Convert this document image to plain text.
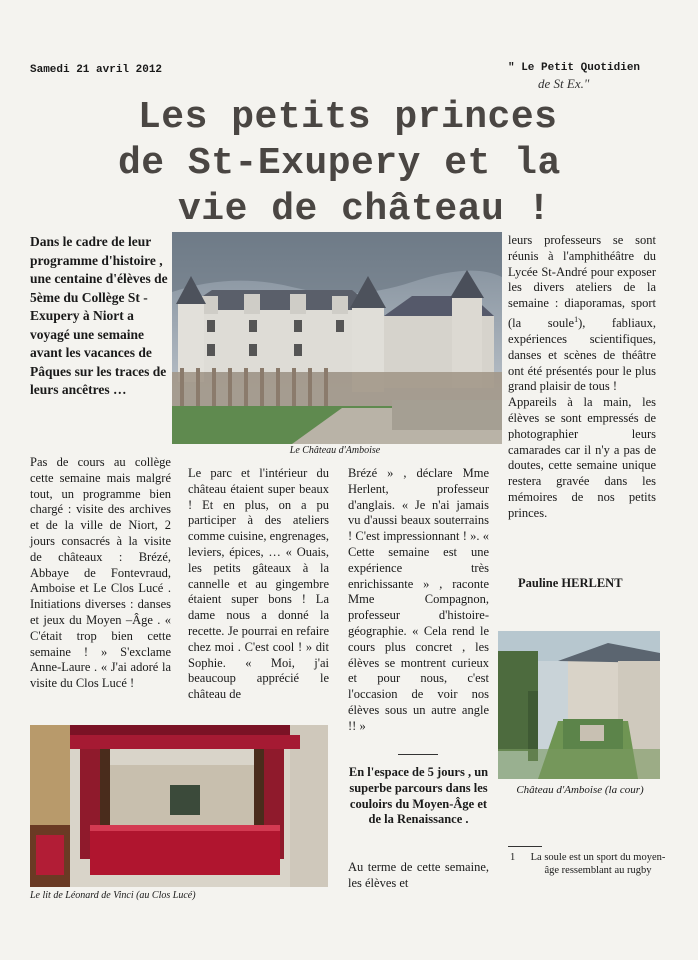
Samedi 21 avril 2012	" Le Petit Quotidien
de St Ex."
Les petits princes
de St-Exupery et la
vie de château !
Dans le cadre de leur programme d'histoire , une centaine d'élèves de 5ème du Collège St -Exupery à Niort a voyagé une semaine avant les vacances de Pâques sur les traces de leurs ancêtres …
Le Château d'Amboise

Pas de cours au collège cette semaine mais malgré tout, un programme bien chargé : visite des archives et de la ville de Niort, 2 jours consacrés à la visite de châteaux : Brézé, Abbaye de Fontevraud, Amboise et Le Clos Lucé . Initiations diverses : danses et jeux du Moyen –Âge . « C'était trop bien cette semaine ! » S'exclame Anne-Laure . « J'ai adoré la visite du Clos Lucé !

Le parc et l'intérieur du château étaient super beaux ! Et en plus, on a pu participer à des ateliers comme cuisine, engrenages, leviers, épices, … « Ouais, les petits gâteaux à la cannelle et au gingembre étaient super bons ! La dame nous a donné la recette. Je pourrai en refaire chez moi . C'est cool ! » dit Sophie. « Moi, j'ai beaucoup apprécié le château de

Brézé » , déclare Mme Herlent, professeur d'anglais. « Je n'ai jamais vu d'aussi beaux souterrains ! C'est impressionnant ! ». « Cette semaine est une expérience très enrichissante » , raconte Mme Compagnon, professeur d'histoire-géographie. « Cela rend le cours plus concret , les élèves se montrent curieux et pour nous, c'est l'occasion de voir nos élèves sous un autre angle !! »

En l'espace de 5 jours , un superbe parcours dans les couloirs du Moyen-Âge et de la Renaissance .
Au terme de cette semaine, les élèves et

leurs professeurs se sont réunis à l'amphithéâtre du Lycée St-André pour exposer les divers ateliers de la semaine : diaporamas, sport (la soule$^1$), fabliaux, expériences scientifiques, danses et scènes de théâtre ont été présentés pour le plus grand plaisir de tous !

Appareils à la main, les élèves se sont empressés de photographier leurs camarades car il n'y a pas de doutes, cette semaine unique restera gravée dans les mémoires de nos petits princes.

Pauline HERLENT
Château d'Amboise (la cour)
Le lit de Léonard de Vinci (au Clos Lucé)
1 La soule est un sport du moyen-âge ressemblant au rugby
